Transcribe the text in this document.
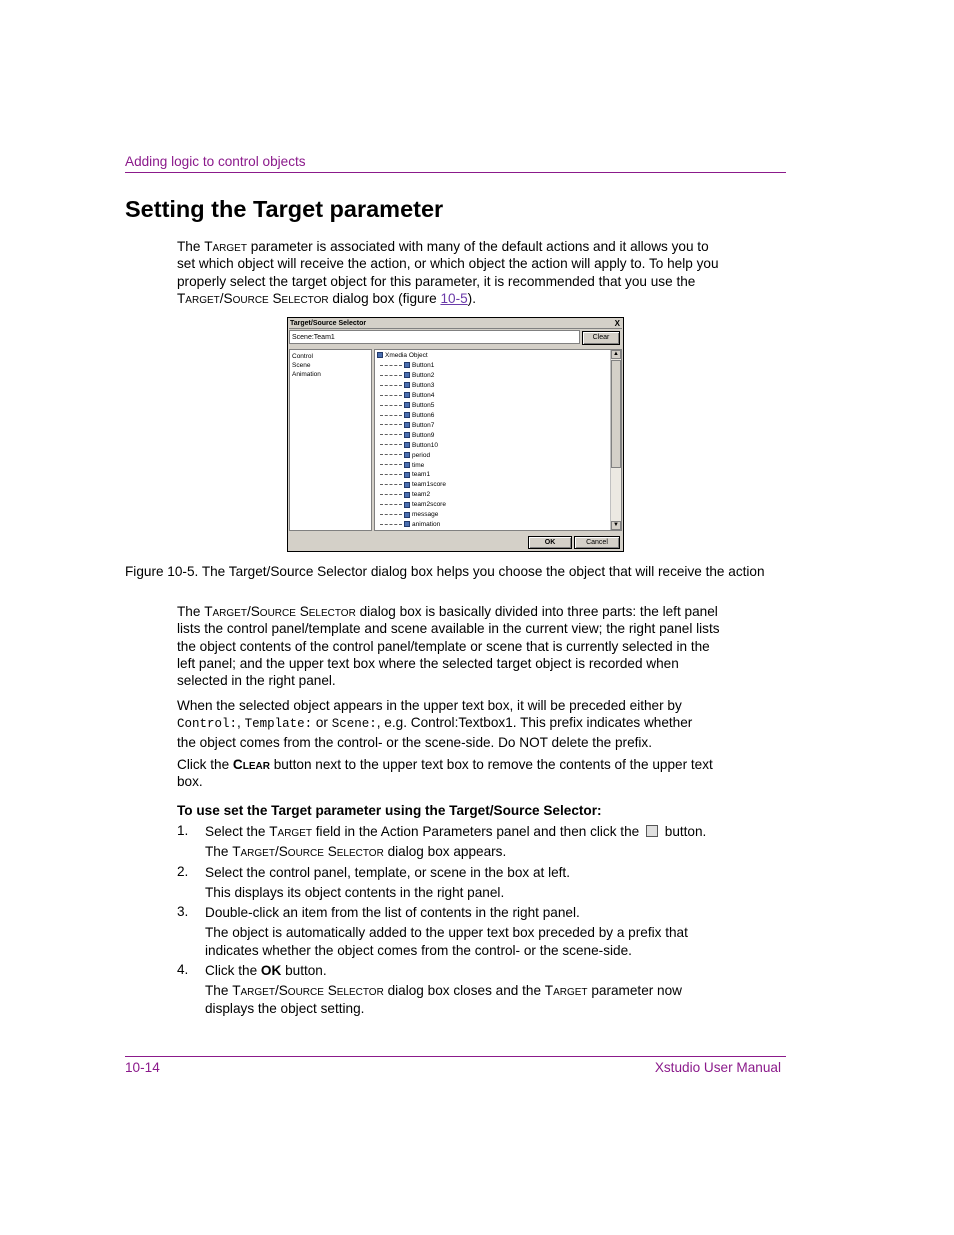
Adding logic to control objects
Setting the Target parameter
The Target parameter is associated with many of the default actions and it allows you to
set which object will receive the action, or which object the action will apply to. To help you
properly select the target object for this parameter, it is recommended that you use the
Target/Source Selector dialog box (figure 10-5).
Target/Source Selector	X
Scene:Team1	Clear
Control
Scene
Animation
Xmedia Object
Button1
Button2
Button3
Button4
Button5
Button6
Button7
Button9
Button10
period
time
team1
team1score
team2
team2score
message
animation
▲
▼
OK	Cancel
Figure 10-5. The Target/Source Selector dialog box helps you choose the object that will receive the action
The Target/Source Selector dialog box is basically divided into three parts: the left panel
lists the control panel/template and scene available in the current view; the right panel lists
the object contents of the control panel/template or scene that is currently selected in the
left panel; and the upper text box where the selected target object is recorded when
selected in the right panel.
When the selected object appears in the upper text box, it will be preceded either by
Control:, Template: or Scene:, e.g. Control:Textbox1. This prefix indicates whether
the object comes from the control- or the scene-side. Do NOT delete the prefix.
Click the Clear button next to the upper text box to remove the contents of the upper text
box.
To use set the Target parameter using the Target/Source Selector:
1. Select the Target field in the Action Parameters panel and then click the  button.
The Target/Source Selector dialog box appears.
2. Select the control panel, template, or scene in the box at left.
This displays its object contents in the right panel.
3. Double-click an item from the list of contents in the right panel.
The object is automatically added to the upper text box preceded by a prefix that
indicates whether the object comes from the control- or the scene-side.
4. Click the OK button.
The Target/Source Selector dialog box closes and the Target parameter now
displays the object setting.
10-14	Xstudio User Manual
